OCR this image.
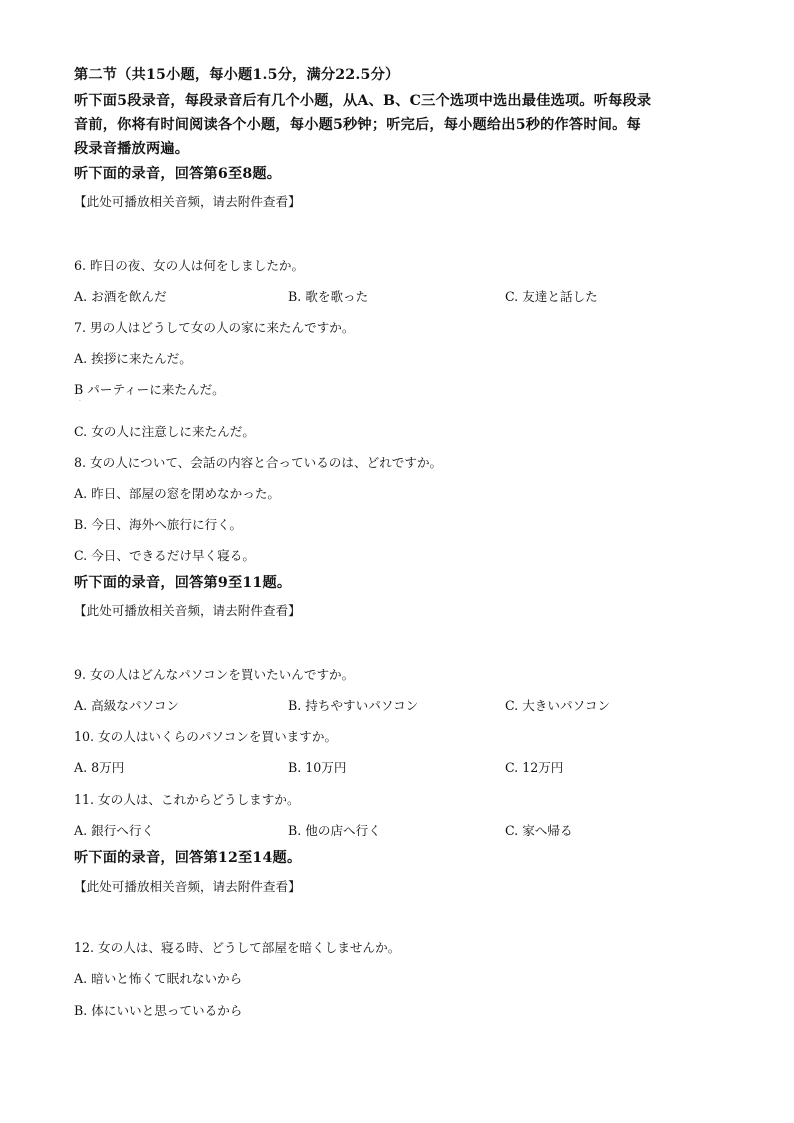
第二节（共15小题，每小题1.5分，满分22.5分）
听下面5段录音，每段录音后有几个小题，从A、B、C三个选项中选出最佳选项。听每段录
音前，你将有时间阅读各个小题，每小题5秒钟；听完后，每小题给出5秒的作答时间。每
段录音播放两遍。
听下面的录音，回答第6至8题。
【此处可播放相关音频，请去附件查看】
6. 昨日の夜、女の人は何をしましたか。
A. お酒を飲んだ	B. 歌を歌った	C. 友達と話した
7. 男の人はどうして女の人の家に来たんですか。
A. 挨拶に来たんだ。
B パーティーに来たんだ。
·
C. 女の人に注意しに来たんだ。
8. 女の人について、会話の内容と合っているのは、どれですか。
A. 昨日、部屋の窓を閉めなかった。
B. 今日、海外へ旅行に行く。
C. 今日、できるだけ早く寝る。
听下面的录音，回答第9至11题。
【此处可播放相关音频，请去附件查看】
9. 女の人はどんなパソコンを買いたいんですか。
A. 高級なパソコン	B. 持ちやすいパソコン	C. 大きいパソコン
10. 女の人はいくらのパソコンを買いますか。
A. 8万円	B. 10万円	C. 12万円
11. 女の人は、これからどうしますか。
A. 銀行へ行く	B. 他の店へ行く	C. 家へ帰る
听下面的录音，回答第12至14题。
【此处可播放相关音频，请去附件查看】
12. 女の人は、寝る時、どうして部屋を暗くしませんか。
A. 暗いと怖くて眠れないから
B. 体にいいと思っているから
